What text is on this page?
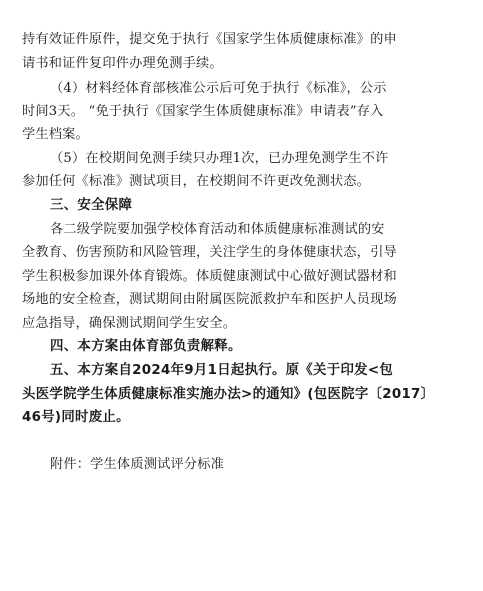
持有效证件原件，提交免于执行《国家学生体质健康标准》的申
请书和证件复印件办理免测手续。
（4）材料经体育部核准公示后可免于执行《标准》，公示
时间3天。 “免于执行《国家学生体质健康标准》申请表”存入
学生档案。
（5）在校期间免测手续只办理1次，已办理免测学生不许
参加任何《标准》测试项目，在校期间不许更改免测状态。
三、安全保障
各二级学院要加强学校体育活动和体质健康标准测试的安
全教育、伤害预防和风险管理，关注学生的身体健康状态，引导
学生积极参加课外体育锻炼。体质健康测试中心做好测试器材和
场地的安全检查，测试期间由附属医院派救护车和医护人员现场
应急指导，确保测试期间学生安全。
四、本方案由体育部负责解释。
五、本方案自2024年9月1日起执行。原《关于印发<包
头医学院学生体质健康标准实施办法>的通知》(包医院字〔2017〕
46号)同时废止。
附件：学生体质测试评分标准
